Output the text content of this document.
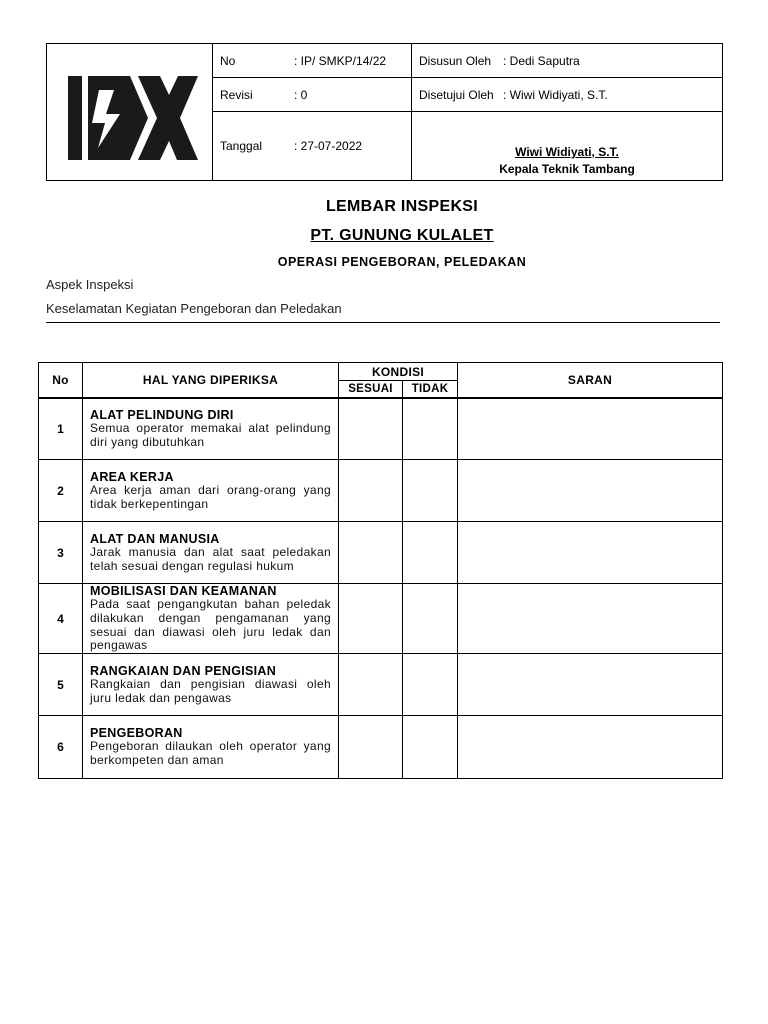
	No : IP/ SMKP/14/22	Disusun Oleh : Dedi Saputra
	Revisi : 0	Disetujui Oleh : Wiwi Widiyati, S.T.
	Tanggal : 27-07-2022	Wiwi Widiyati, S.T.
Kepala Teknik Tambang
LEMBAR INSPEKSI
PT. GUNUNG KULALET
OPERASI PENGEBORAN, PELEDAKAN
Aspek Inspeksi
Keselamatan Kegiatan Pengeboran dan Peledakan
No	HAL YANG DIPERIKSA	KONDISI		SARAN
		SESUAI	TIDAK	
1	ALAT PELINDUNG DIRI
Semua operator memakai alat pelindung
diri yang dibutuhkan			

2	AREA KERJA
Area kerja aman dari orang-orang yang
tidak berkepentingan			

3	ALAT DAN MANUSIA
Jarak manusia dan alat saat peledakan
telah sesuai dengan regulasi hukum			

4	MOBILISASI DAN KEAMANAN
Pada saat pengangkutan bahan peledak
dilakukan dengan pengamanan yang
sesuai dan diawasi oleh juru ledak dan
pengawas			

5	RANGKAIAN DAN PENGISIAN
Rangkaian dan pengisian diawasi oleh
juru ledak dan pengawas			

6	PENGEBORAN
Pengeboran dilaukan oleh operator yang
berkompeten dan aman			
